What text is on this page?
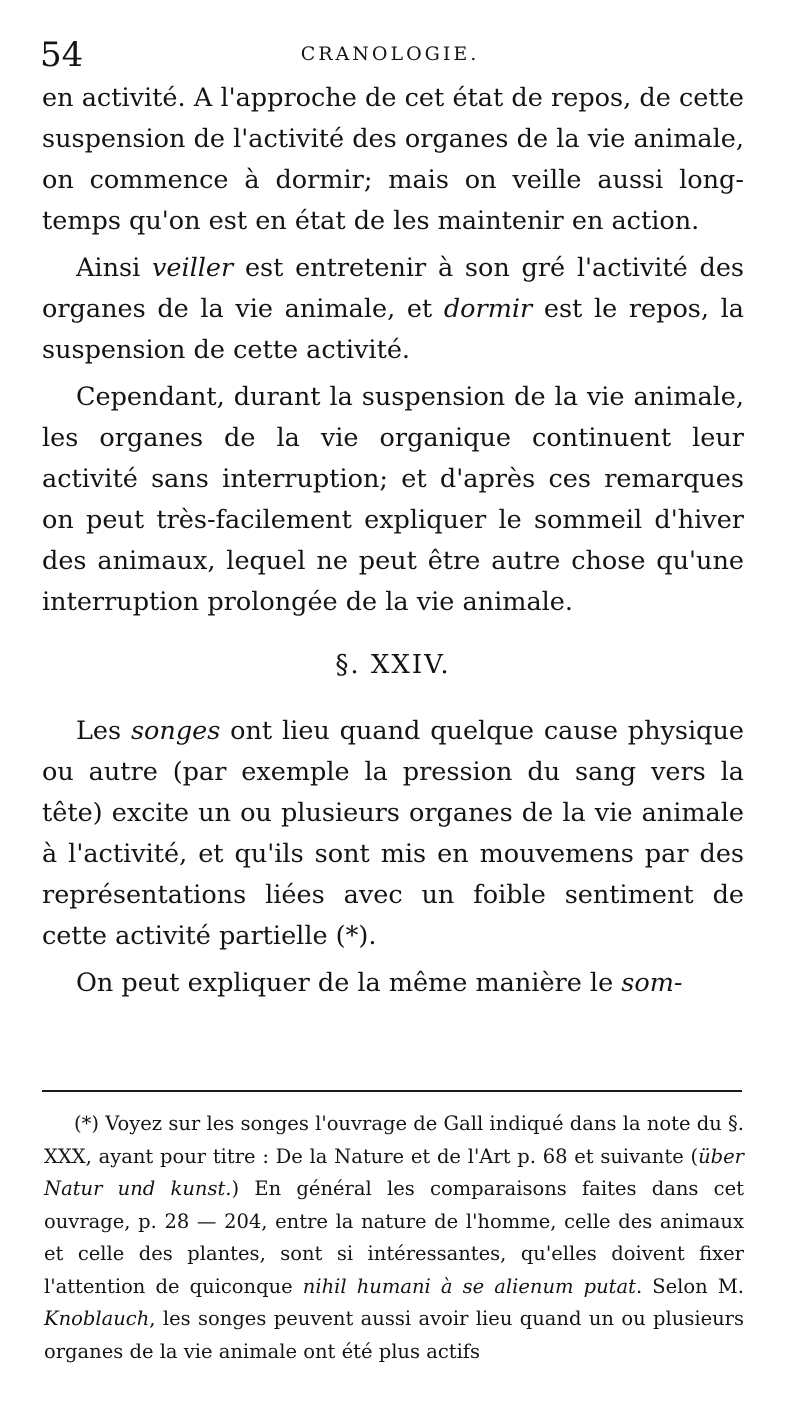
54	CRANOLOGIE.

en activité. A l'approche de cet état de repos, de cette suspension de l'activité des organes de la vie animale, on commence à dormir; mais on veille aussi long-temps qu'on est en état de les maintenir en action.

Ainsi veiller est entretenir à son gré l'activité des organes de la vie animale, et dormir est le repos, la suspension de cette activité.

Cependant, durant la suspension de la vie animale, les organes de la vie organique continuent leur activité sans interruption; et d'après ces remarques on peut très-facilement expliquer le sommeil d'hiver des animaux, lequel ne peut être autre chose qu'une interruption prolongée de la vie animale.

§. XXIV.

Les songes ont lieu quand quelque cause physique ou autre (par exemple la pression du sang vers la tête) excite un ou plusieurs organes de la vie animale à l'activité, et qu'ils sont mis en mouvemens par des représentations liées avec un foible sentiment de cette activité partielle (*).

On peut expliquer de la même manière le som-

(*) Voyez sur les songes l'ouvrage de Gall indiqué dans la note du §. XXX, ayant pour titre : De la Nature et de l'Art p. 68 et suivante (über Natur und kunst.) En général les comparaisons faites dans cet ouvrage, p. 28 — 204, entre la nature de l'homme, celle des animaux et celle des plantes, sont si intéressantes, qu'elles doivent fixer l'attention de quiconque nihil humani à se alienum putat. Selon M. Knoblauch, les songes peuvent aussi avoir lieu quand un ou plusieurs organes de la vie animale ont été plus actifs
